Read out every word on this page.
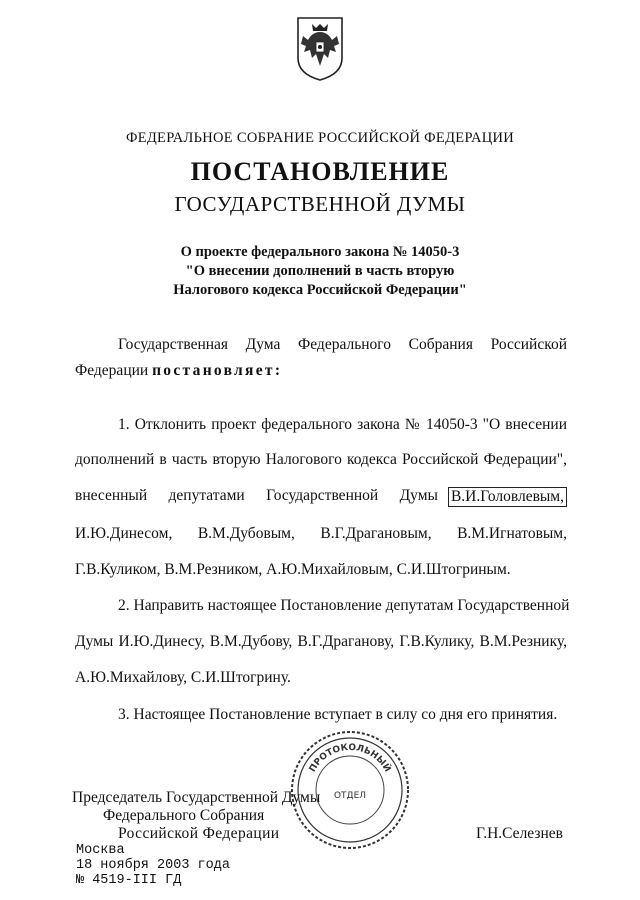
ФЕДЕРАЛЬНОЕ СОБРАНИЕ РОССИЙСКОЙ ФЕДЕРАЦИИ
ПОСТАНОВЛЕНИЕ
ГОСУДАРСТВЕННОЙ ДУМЫ
О проекте федерального закона № 14050-3
"О внесении дополнений в часть вторую
Налогового кодекса Российской Федерации"
Государственная Дума Федерального Собрания Российской
Федерации постановляет:
1. Отклонить проект федерального закона № 14050-3 "О внесении
дополнений в часть вторую Налогового кодекса Российской Федерации",
внесенный депутатами Государственной Думы В.И.Головлевым,
И.Ю.Динесом, В.М.Дубовым, В.Г.Драгановым, В.М.Игнатовым,
Г.В.Куликом, В.М.Резником, А.Ю.Михайловым, С.И.Штогриным.
2. Направить настоящее Постановление депутатам Государственной
Думы И.Ю.Динесу, В.М.Дубову, В.Г.Драганову, Г.В.Кулику, В.М.Резнику,
А.Ю.Михайлову, С.И.Штогрину.
3. Настоящее Постановление вступает в силу со дня его принятия.
ПРОТОКОЛЬНЫЙ
ОТДЕЛ
Председатель Государственной Думы
Федерального Собрания
Российской Федерации	Г.Н.Селезнев
Москва
18 ноября 2003 года
№ 4519-III ГД
